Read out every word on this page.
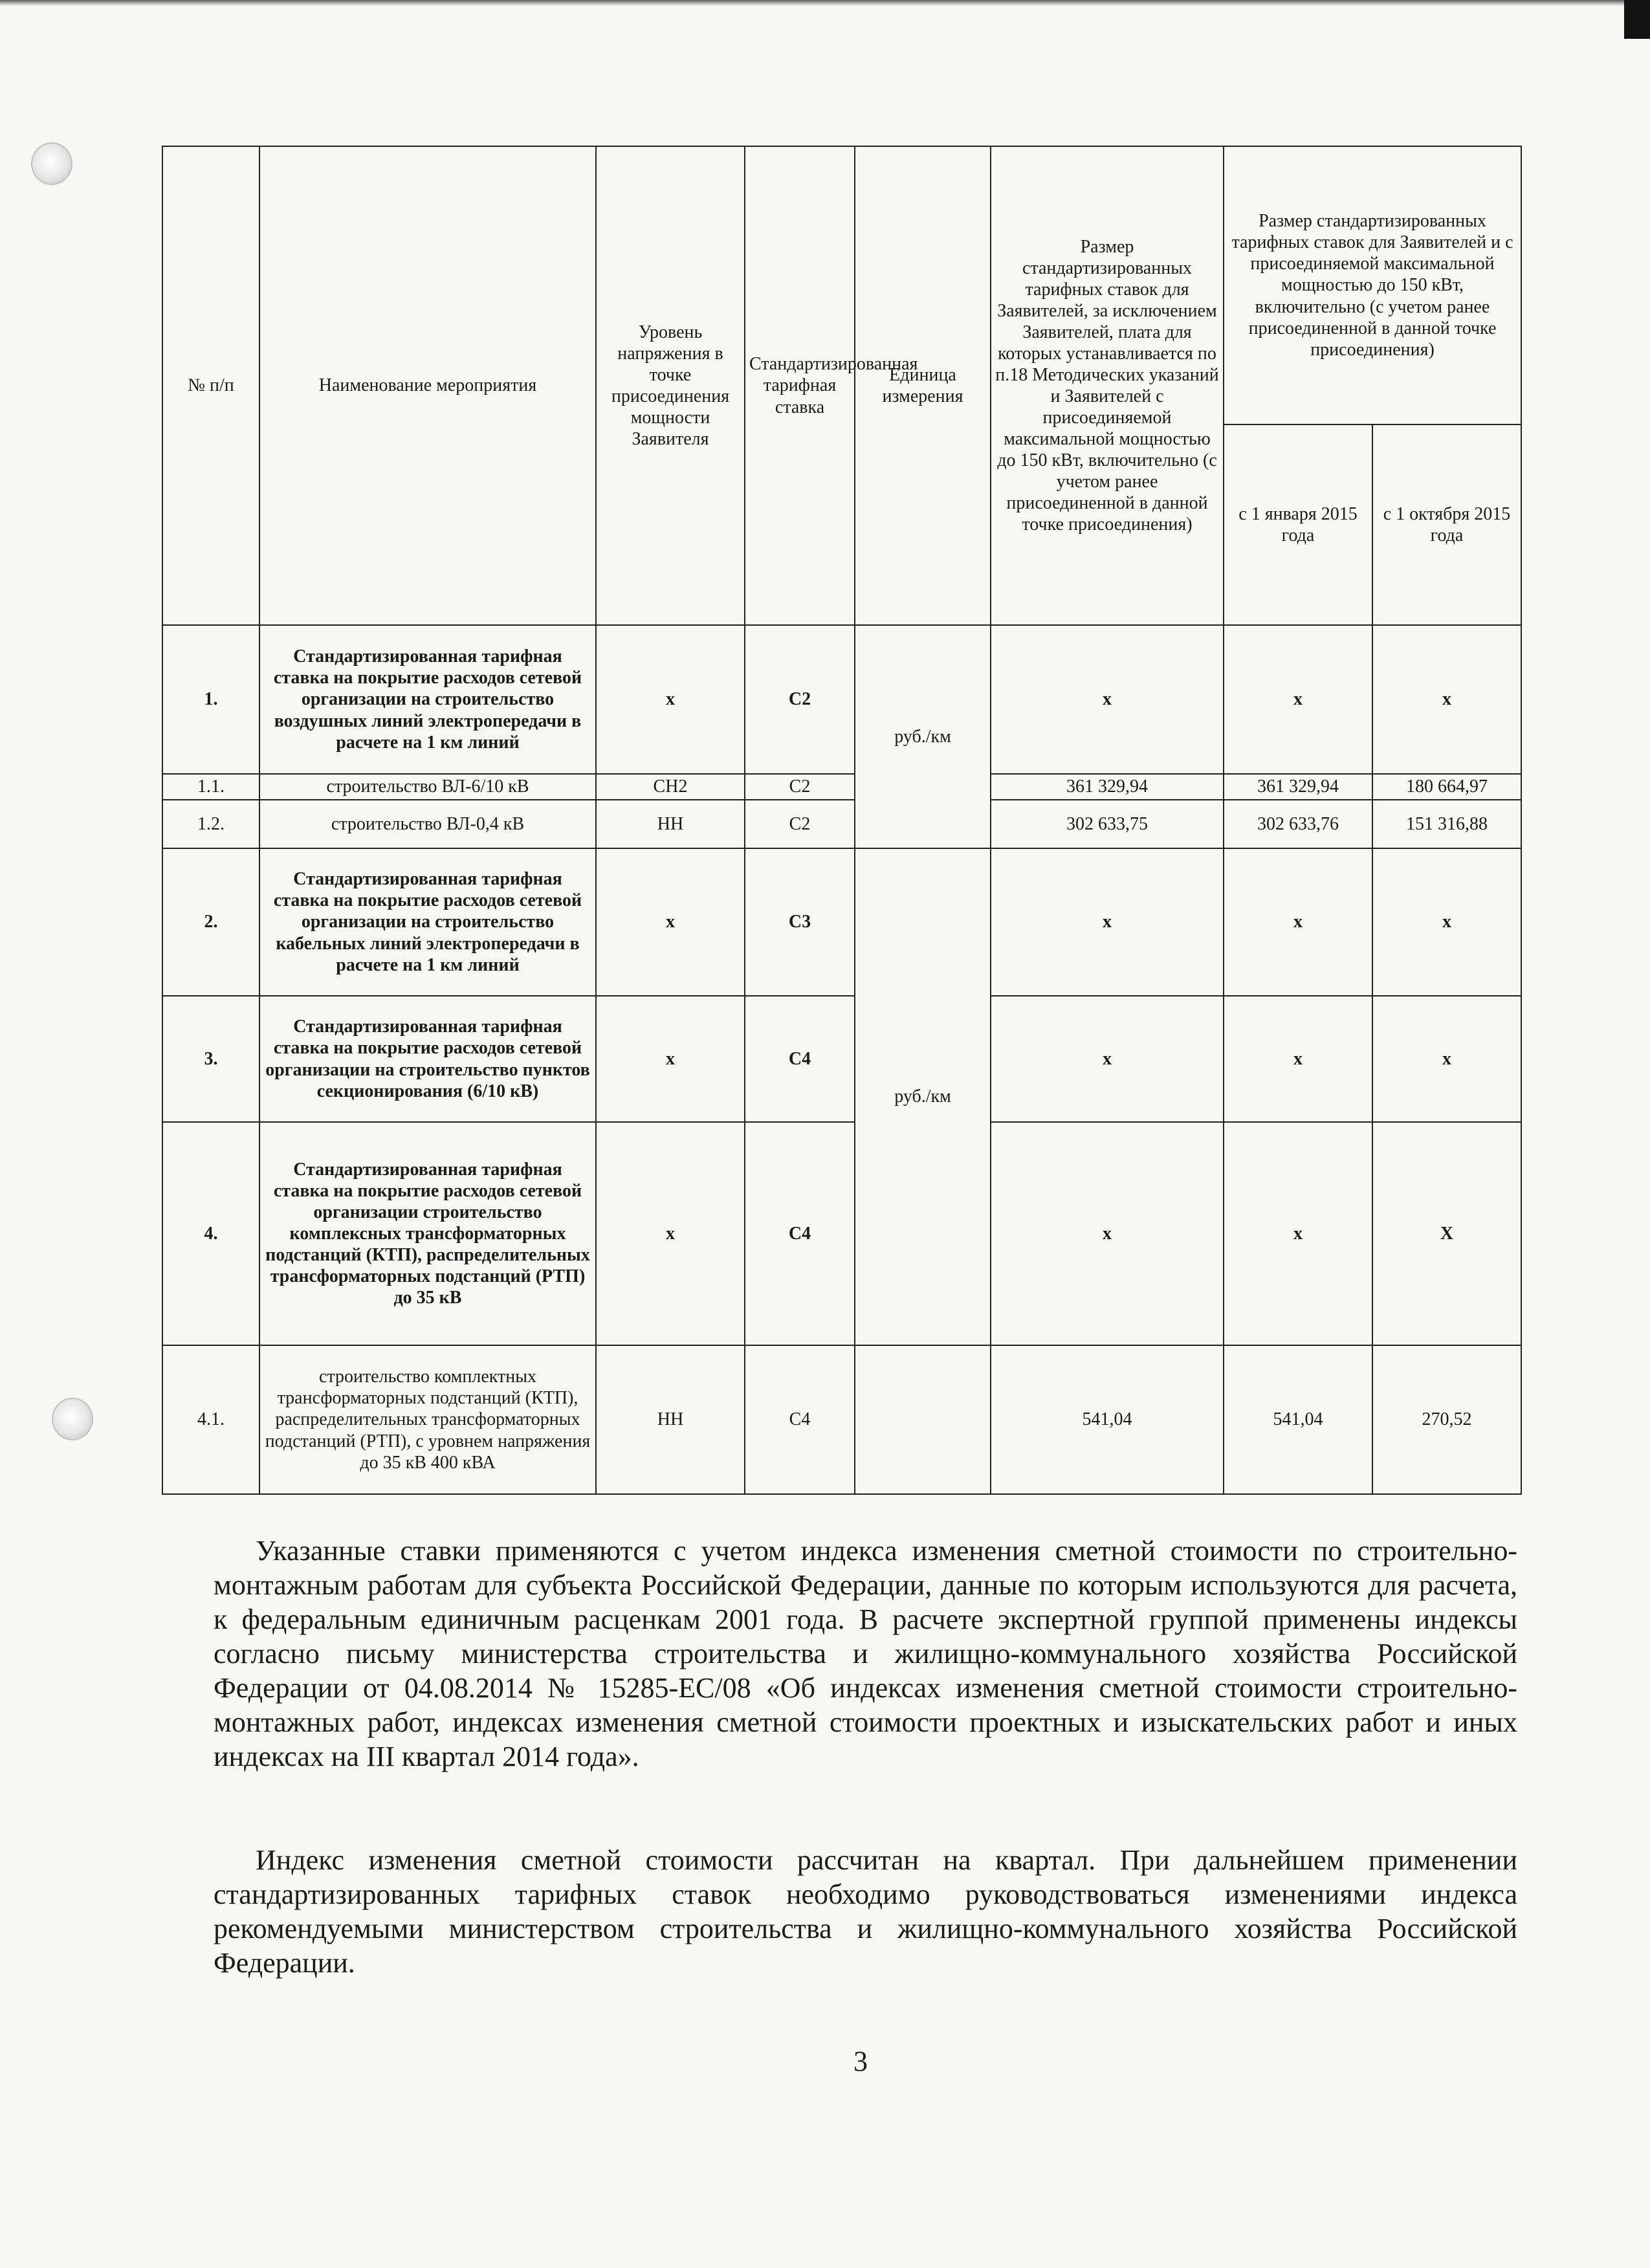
№ п/п	Наименование мероприятия	Уровень напряжения в точке присоединения мощности Заявителя	Стандартизированная тарифная ставка	Единица измерения	Размер стандартизированных тарифных ставок для Заявителей, за исключением Заявителей, плата для которых устанавливается по п.18 Методических указаний и Заявителей с присоединяемой максимальной мощностью до 150 кВт, включительно (с учетом ранее присоединенной в данной точке присоединения)	Размер стандартизированных тарифных ставок для Заявителей и с присоединяемой максимальной мощностью до 150 кВт, включительно (с учетом ранее присоединенной в данной точке присоединения)	
						с 1 января 2015 года	с 1 октября 2015 года
1.	Стандартизированная тарифная ставка на покрытие расходов сетевой организации на строительство воздушных линий электропередачи в расчете на 1 км линий	х	С2	руб./км	х	х	х
1.1.	строительство ВЛ-6/10 кВ	СН2	С2		361 329,94	361 329,94	180 664,97
1.2.	строительство ВЛ-0,4 кВ	НН	С2		302 633,75	302 633,76	151 316,88
2.	Стандартизированная тарифная ставка на покрытие расходов сетевой организации на строительство кабельных линий электропередачи в расчете на 1 км линий	х	С3	руб./км	х	х	х
3.	Стандартизированная тарифная ставка на покрытие расходов сетевой организации на строительство пунктов секционирования (6/10 кВ)	х	С4		х	х	х
4.	Стандартизированная тарифная ставка на покрытие расходов сетевой организации строительство комплексных трансформаторных подстанций (КТП), распределительных трансформаторных подстанций (РТП) до 35 кВ	х	С4		х	х	Х
4.1.	строительство комплектных трансформаторных подстанций (КТП), распределительных трансформаторных подстанций (РТП), с уровнем напряжения до 35 кВ 400 кВА	НН	С4		541,04	541,04	270,52

Указанные ставки применяются с учетом индекса изменения сметной стоимости по строительно-монтажным работам для субъекта Российской Федерации, данные по которым используются для расчета, к федеральным единичным расценкам 2001 года. В расчете экспертной группой применены индексы согласно письму министерства строительства и жилищно-коммунального хозяйства Российской Федерации от 04.08.2014 № 15285-ЕС/08 «Об индексах изменения сметной стоимости строительно-монтажных работ, индексах изменения сметной стоимости проектных и изыскательских работ и иных индексах на III квартал 2014 года».

Индекс изменения сметной стоимости рассчитан на квартал. При дальнейшем применении стандартизированных тарифных ставок необходимо руководствоваться изменениями индекса рекомендуемыми министерством строительства и жилищно-коммунального хозяйства Российской Федерации.

3
